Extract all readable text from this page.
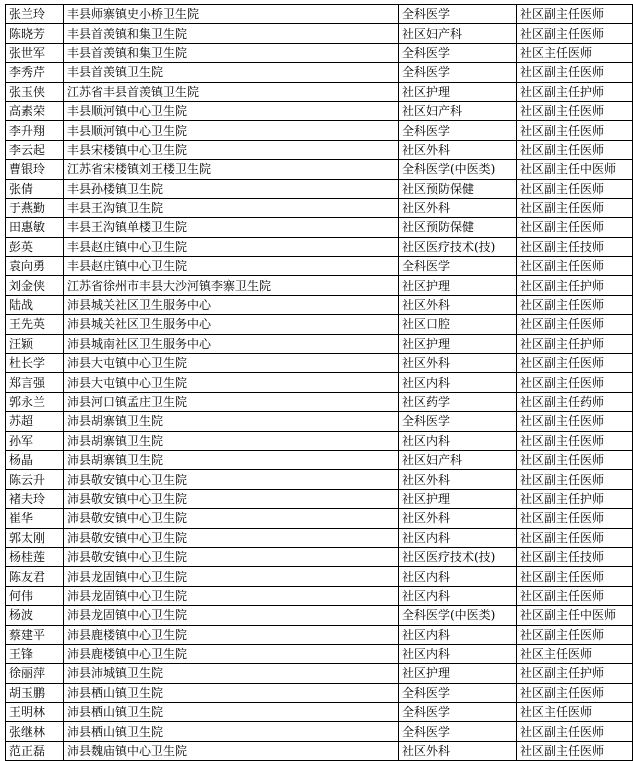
张兰玲	丰县师寨镇史小桥卫生院	全科医学	社区副主任医师
陈晓芳	丰县首羡镇和集卫生院	社区妇产科	社区副主任医师
张世军	丰县首羡镇和集卫生院	全科医学	社区主任医师
李秀芹	丰县首羡镇卫生院	全科医学	社区副主任医师
张玉侠	江苏省丰县首羡镇卫生院	社区护理	社区副主任护师
高素荣	丰县顺河镇中心卫生院	社区妇产科	社区副主任医师
李升翔	丰县顺河镇中心卫生院	全科医学	社区副主任医师
李云起	丰县宋楼镇中心卫生院	社区外科	社区副主任医师
曹银玲	江苏省宋楼镇刘王楼卫生院	全科医学(中医类)	社区副主任中医师
张倩	丰县孙楼镇卫生院	社区预防保健	社区副主任医师
于燕勤	丰县王沟镇卫生院	社区外科	社区副主任医师
田惠敏	丰县王沟镇单楼卫生院	社区预防保健	社区副主任医师
彭英	丰县赵庄镇中心卫生院	社区医疗技术(技)	社区副主任技师
袁向勇	丰县赵庄镇中心卫生院	全科医学	社区副主任医师
刘金侠	江苏省徐州市丰县大沙河镇李寨卫生院	社区护理	社区副主任护师
陆战	沛县城关社区卫生服务中心	社区外科	社区副主任医师
王先英	沛县城关社区卫生服务中心	社区口腔	社区副主任医师
汪颖	沛县城南社区卫生服务中心	社区护理	社区副主任护师
杜长学	沛县大屯镇中心卫生院	社区外科	社区副主任医师
郑言强	沛县大屯镇中心卫生院	社区内科	社区副主任医师
郭永兰	沛县河口镇孟庄卫生院	社区药学	社区副主任药师
苏超	沛县胡寨镇卫生院	全科医学	社区副主任医师
孙军	沛县胡寨镇卫生院	社区内科	社区副主任医师
杨晶	沛县胡寨镇卫生院	社区妇产科	社区副主任医师
陈云升	沛县敬安镇中心卫生院	社区外科	社区副主任医师
褚夫玲	沛县敬安镇中心卫生院	社区护理	社区副主任护师
崔华	沛县敬安镇中心卫生院	社区外科	社区副主任医师
郭太刚	沛县敬安镇中心卫生院	社区内科	社区副主任医师
杨桂莲	沛县敬安镇中心卫生院	社区医疗技术(技)	社区副主任技师
陈友君	沛县龙固镇中心卫生院	社区内科	社区副主任医师
何伟	沛县龙固镇中心卫生院	社区内科	社区副主任医师
杨波	沛县龙固镇中心卫生院	全科医学(中医类)	社区副主任中医师
蔡建平	沛县鹿楼镇中心卫生院	社区内科	社区副主任医师
王锋	沛县鹿楼镇中心卫生院	社区内科	社区主任医师
徐丽萍	沛县沛城镇卫生院	社区护理	社区副主任护师
胡玉鹏	沛县栖山镇卫生院	全科医学	社区副主任医师
王明林	沛县栖山镇卫生院	全科医学	社区主任医师
张继林	沛县栖山镇卫生院	全科医学	社区副主任医师
范正磊	沛县魏庙镇中心卫生院	社区外科	社区副主任医师
